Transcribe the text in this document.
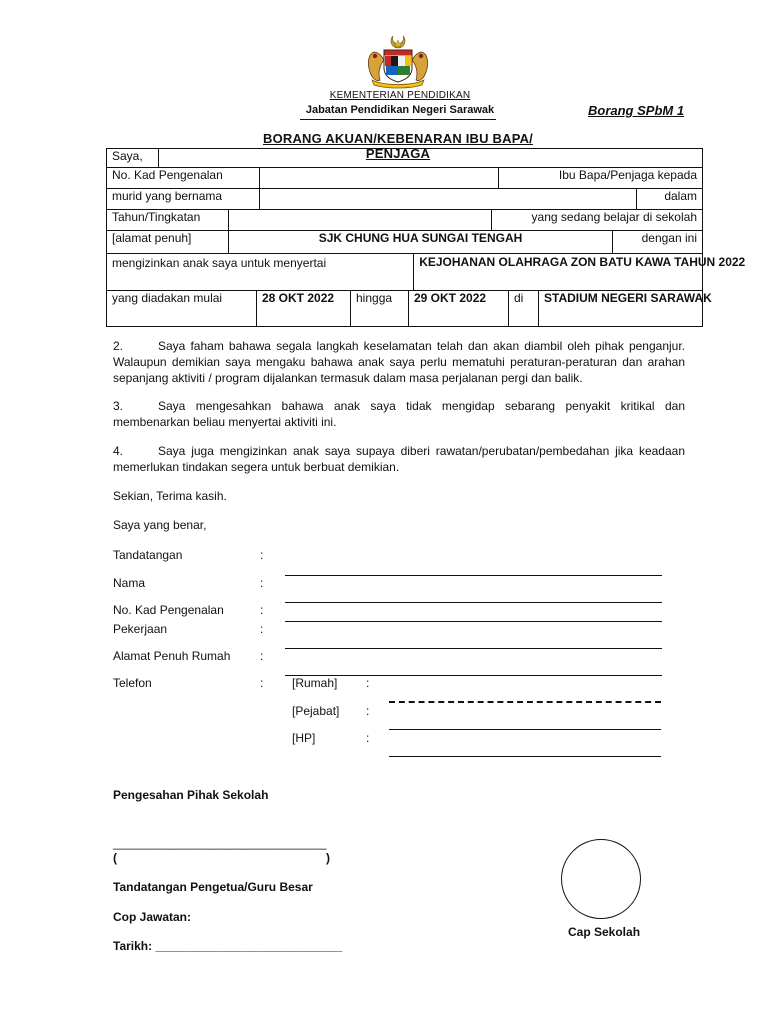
KEMENTERIAN PENDIDIKAN
Jabatan Pendidikan Negeri Sarawak	Borang SPbM 1
BORANG AKUAN/KEBENARAN IBU BAPA/ PENJAGA
Saya,	
No. Kad Pengenalan		Ibu Bapa/Penjaga kepada
murid yang bernama		dalam
Tahun/Tingkatan		yang sedang belajar di sekolah
[alamat penuh]	SJK CHUNG HUA SUNGAI TENGAH	dengan ini
mengizinkan anak saya untuk menyertai	KEJOHANAN OLAHRAGA ZON BATU KAWA TAHUN 2022
yang diadakan mulai	28 OKT 2022	hingga	29 OKT 2022	di	STADIUM NEGERI SARAWAK
2.	Saya faham bahawa segala langkah keselamatan telah dan akan diambil oleh pihak penganjur. Walaupun demikian saya mengaku bahawa anak saya perlu mematuhi peraturan-peraturan dan arahan sepanjang aktiviti / program dijalankan termasuk dalam masa perjalanan pergi dan balik.
3.	Saya mengesahkan bahawa anak saya tidak mengidap sebarang penyakit kritikal dan membenarkan beliau menyertai aktiviti ini.
4.	Saya juga mengizinkan anak saya supaya diberi rawatan/perubatan/pembedahan jika keadaan memerlukan tindakan segera untuk berbuat demikian.
Sekian, Terima kasih.
Saya yang benar,
Tandatangan	:
Nama	:
No. Kad Pengenalan	:
Pekerjaan	:
Alamat Penuh Rumah :
Telefon	: [Rumah] :
[Pejabat] :
[HP]	:
Pengesahan Pihak Sekolah
________________________________
(	)
Tandatangan Pengetua/Guru Besar
Cop Jawatan:
Tarikh: ____________________________
Cap Sekolah
